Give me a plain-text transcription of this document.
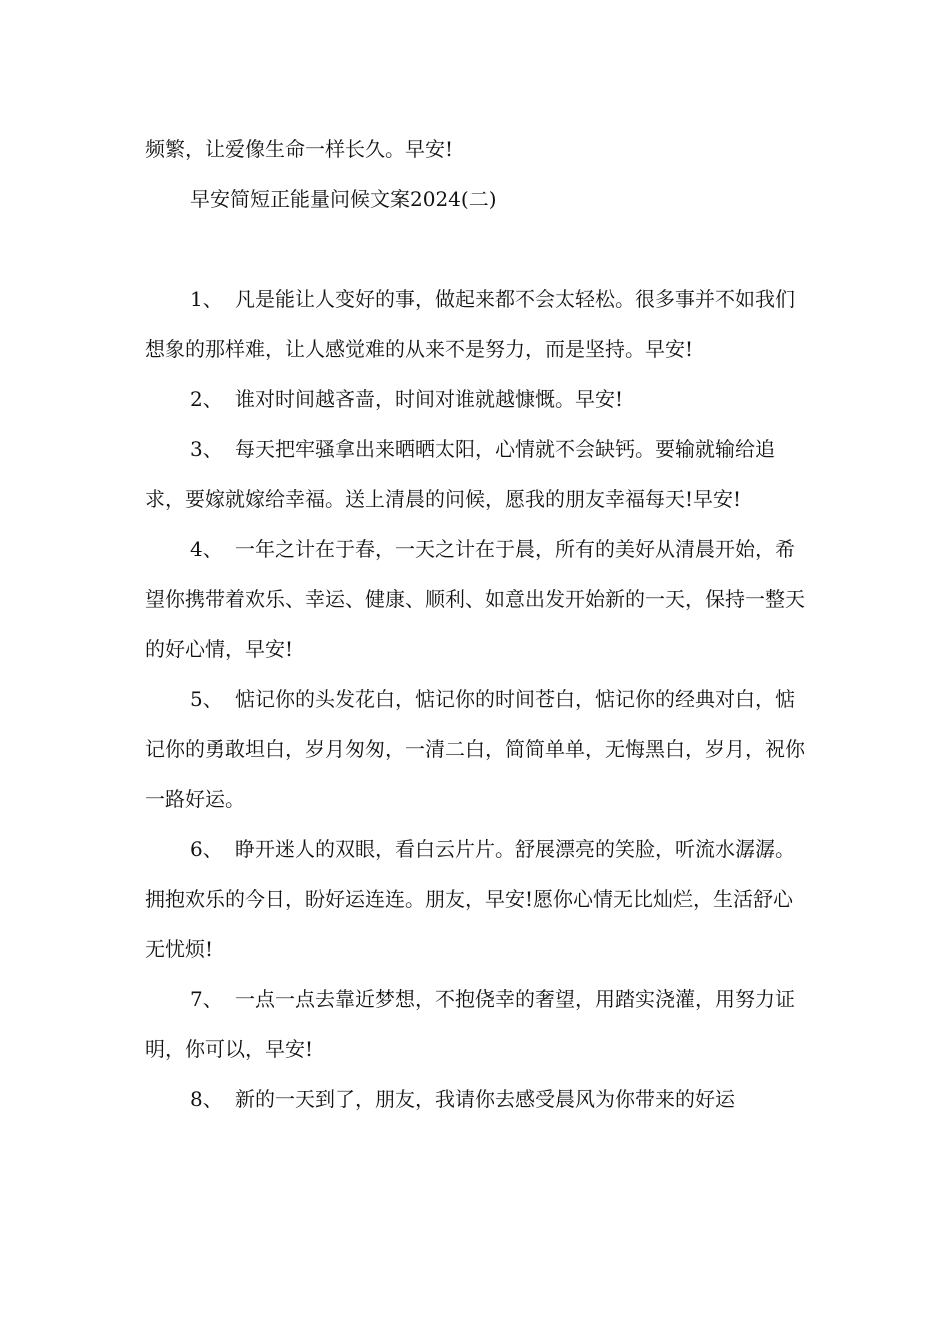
频繁，让爱像生命一样长久。早安!

早安简短正能量问候文案2024(二)

1、 凡是能让人变好的事，做起来都不会太轻松。很多事并不如我们想象的那样难，让人感觉难的从来不是努力，而是坚持。早安!

2、 谁对时间越吝啬，时间对谁就越慷慨。早安!

3、 每天把牢骚拿出来晒晒太阳，心情就不会缺钙。要输就输给追求，要嫁就嫁给幸福。送上清晨的问候，愿我的朋友幸福每天!早安!

4、 一年之计在于春，一天之计在于晨，所有的美好从清晨开始，希望你携带着欢乐、幸运、健康、顺利、如意出发开始新的一天，保持一整天的好心情，早安!

5、 惦记你的头发花白，惦记你的时间苍白，惦记你的经典对白，惦记你的勇敢坦白，岁月匆匆，一清二白，简简单单，无悔黑白，岁月，祝你一路好运。

6、 睁开迷人的双眼，看白云片片。舒展漂亮的笑脸，听流水潺潺。拥抱欢乐的今日，盼好运连连。朋友，早安!愿你心情无比灿烂，生活舒心无忧烦!

7、 一点一点去靠近梦想，不抱侥幸的奢望，用踏实浇灌，用努力证明，你可以，早安!

8、 新的一天到了，朋友，我请你去感受晨风为你带来的好运
